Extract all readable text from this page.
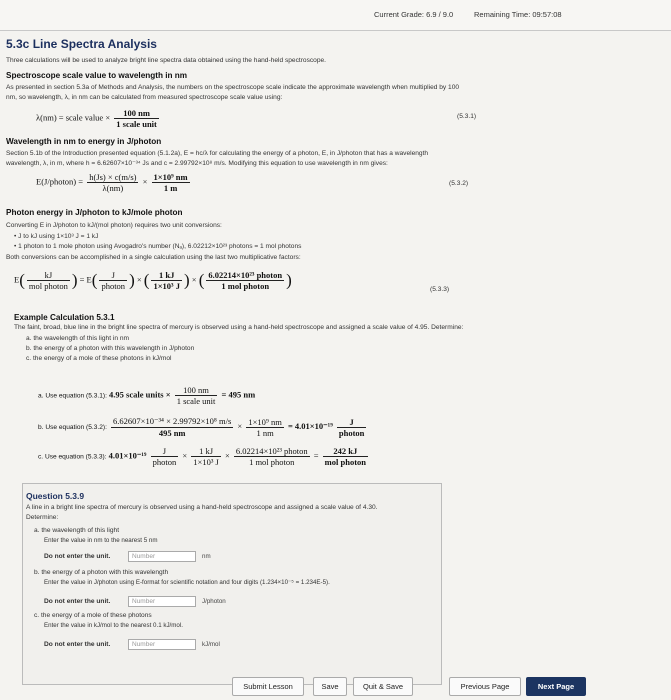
Current Grade: 6.9 / 9.0	Remaining Time: 09:57:08
5.3c Line Spectra Analysis
Three calculations will be used to analyze bright line spectra data obtained using the hand-held spectroscope.
Spectroscope scale value to wavelength in nm
As presented in section 5.3a of Methods and Analysis, the numbers on the spectroscope scale indicate the approximate wavelength when multiplied by 100
nm, so wavelength, λ, in nm can be calculated from measured spectroscope scale value using:
λ(nm) = scale value × $\frac{100 nm}{\text{1 scale unit}}$	(5.3.1)
Wavelength in nm to energy in J/photon
Section 5.1b of the Introduction presented equation (5.1.2a), E = hc/λ for calculating the energy of a photon, E, in J/photon that has a wavelength
wavelength, λ, in m, where h = 6.62607×10⁻³⁴ Js and c = 2.99792×10⁸ m/s. Modifying this equation to use wavelength in nm gives:
E(J/photon) = $\frac{h(Js) \times c(m/s)}{\lambda(nm)} \times \frac{\text{1×10⁹ nm}}{1 m}$	(5.3.2)
Photon energy in J/photon to kJ/mole photon
Converting E in J/photon to kJ/(mol photon) requires two unit conversions:
• J to kJ using 1×10³ J = 1 kJ
• 1 photon to 1 mole photon using Avogadro's number (Nₐ), 6.02212×10²³ photons = 1 mol photons
Both conversions can be accomplished in a single calculation using the last two multiplicative factors:
$E( \frac{kJ}{\text{mol photon}}$ ) = $E( \frac{J}{\text{photon}}$ ) × ( $\frac{1 kJ}{\text{1×10³ J}}$ ) × ( $\frac{\text{6.02214×10²³ photon}}{\text{1 mol photon}}$ )	(5.3.3)
Example Calculation 5.3.1
The faint, broad, blue line in the bright line spectra of mercury is observed using a hand-held spectroscope and assigned a scale value of 4.95. Determine:
a. the wavelength of this light in nm
b. the energy of a photon with this wavelength in J/photon
c. the energy of a mole of these photons in kJ/mol
a. Use equation (5.3.1): 4.95 scale units × $\frac{100 nm}{\text{1 scale unit}} = 495$ nm
b. Use equation (5.3.2): $\frac{\text{6.62607×10⁻³⁴ × 2.99792×10⁸ m/s}}{495 nm} \times \frac{\text{1×10⁹ nm}}{1 nm} = 4.01\times 10^{-19} \frac{J}{\text{photon}}$
c. Use equation (5.3.3): $4.01\times 10^{-19} \frac{J}{\text{photon}} \times \frac{1 kJ}{\text{1×10³ J}} \times \frac{\text{6.02214×10²³ photon}}{\text{1 mol photon}} = \frac{242 kJ}{\text{mol photon}}$
Question 5.3.9
A line in a bright line spectra of mercury is observed using a hand-held spectroscope and assigned a scale value of 4.30.
Determine:
a. the wavelength of this light
Enter the value in nm to the nearest 5 nm
Do not enter the unit.	Number	nm
b. the energy of a photon with this wavelength
Enter the value in J/photon using E-format for scientific notation and four digits (1.234×10⁻⁵ = 1.234E-5).
Do not enter the unit.	Number	J/photon
c. the energy of a mole of these photons
Enter the value in kJ/mol to the nearest 0.1 kJ/mol.
Do not enter the unit.	Number	kJ/mol
Submit Lesson	Save	Quit & Save	Previous Page	Next Page
